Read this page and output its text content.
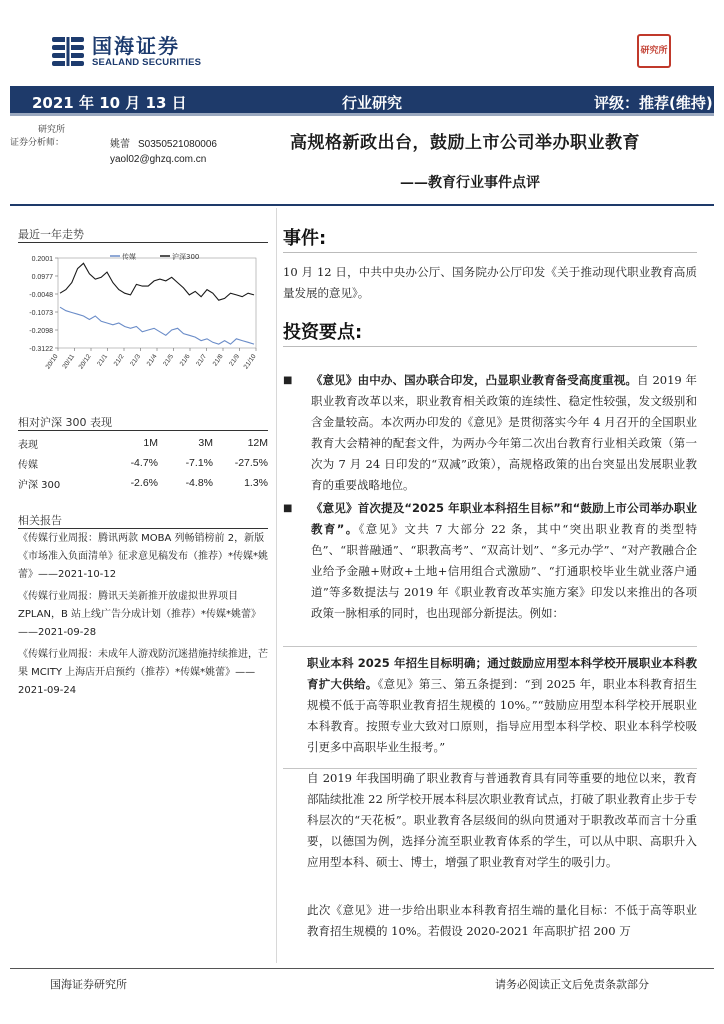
国海证券
SEALAND SECURITIES
研究所
2021 年 10 月 13 日	行业研究	评级：推荐(维持)
研究所
证券分析师：	姚蕾 S0350521080006
yaol02@ghzq.com.cn
高规格新政出台，鼓励上市公司举办职业教育
——教育行业事件点评
最近一年走势
0.2001
0.0977
-0.0048
-0.1073
-0.2098
-0.3122
20/10 20/11 20/12 21/1 21/2 21/3 21/4 21/5 21/6 21/7 21/8 21/9 21/10
传媒	沪深300
相对沪深 300 表现
表现	1M	3M	12M
传媒	-4.7%	-7.1%	-27.5%
沪深 300	-2.6%	-4.8%	1.3%
相关报告

《传媒行业周报：腾讯两款 MOBA 列畅销榜前 2，新版《市场准入负面清单》征求意见稿发布（推荐）*传媒*姚蕾》——2021-10-12

《传媒行业周报：腾讯天美新推开放虚拟世界项目 ZPLAN，B 站上线广告分成计划（推荐）*传媒*姚蕾》——2021-09-28

《传媒行业周报：未成年人游戏防沉迷措施持续推进，芒果 MCITY 上海店开启预约（推荐）*传媒*姚蕾》——2021-09-24

事件:
10 月 12 日，中共中央办公厅、国务院办公厅印发《关于推动现代职业教育高质量发展的意见》。
投资要点:
■ 《意见》由中办、国办联合印发，凸显职业教育备受高度重视。自 2019 年职业教育改革以来，职业教育相关政策的连续性、稳定性较强，发文级别和含金量较高。本次两办印发的《意见》是贯彻落实今年 4 月召开的全国职业教育大会精神的配套文件，为两办今年第二次出台教育行业相关政策（第一次为 7 月 24 日印发的“双减”政策），高规格政策的出台突显出发展职业教育的重要战略地位。
■ 《意见》首次提及“2025 年职业本科招生目标”和“鼓励上市公司举办职业教育”。《意见》文共 7 大部分 22 条，其中“突出职业教育的类型特色”、“职普融通”、“职教高考”、“双高计划”、“多元办学”、“对产教融合企业给予金融+财政+土地+信用组合式激励”、“打通职校毕业生就业落户通道”等多数提法与 2019 年《职业教育改革实施方案》印发以来推出的各项政策一脉相承的同时，也出现部分新提法。例如：
职业本科 2025 年招生目标明确；通过鼓励应用型本科学校开展职业本科教育扩大供给。《意见》第三、第五条提到：“到 2025 年，职业本科教育招生规模不低于高等职业教育招生规模的 10%。”“鼓励应用型本科学校开展职业本科教育。按照专业大致对口原则，指导应用型本科学校、职业本科学校吸引更多中高职毕业生报考。”
自 2019 年我国明确了职业教育与普通教育具有同等重要的地位以来，教育部陆续批准 22 所学校开展本科层次职业教育试点，打破了职业教育止步于专科层次的“天花板”。职业教育各层级间的纵向贯通对于职教改革而言十分重要，以德国为例，选择分流至职业教育体系的学生，可以从中职、高职升入应用型本科、硕士、博士，增强了职业教育对学生的吸引力。
此次《意见》进一步给出职业本科教育招生端的量化目标：不低于高等职业教育招生规模的 10%。若假设 2020-2021 年高职扩招 200 万
国海证券研究所	请务必阅读正文后免责条款部分
